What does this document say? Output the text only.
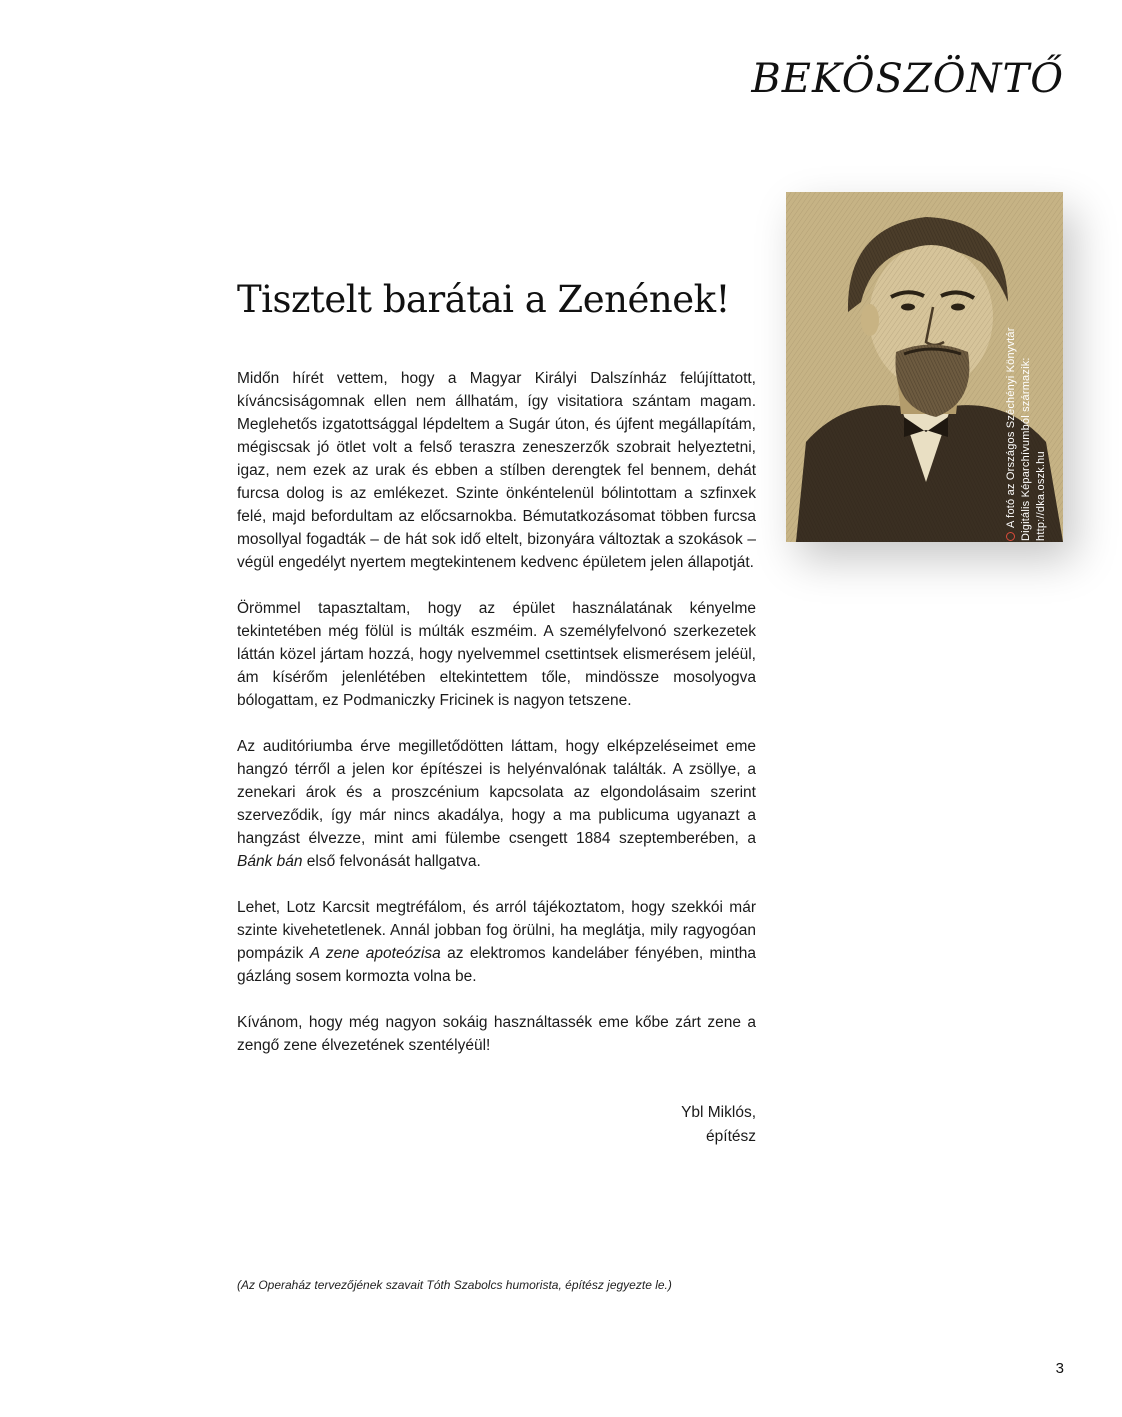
BEKÖSZÖNTŐ
A fotó az Országos Széchényi Könyvtár Digitális Képarchívumból származik: http://dka.oszk.hu
Tisztelt barátai a Zenének!

Midőn hírét vettem, hogy a Magyar Királyi Dalszínház felújíttatott, kíváncsiságomnak ellen nem állhatám, így visitatiora szántam magam. Meglehetős izgatottsággal lépdeltem a Sugár úton, és újfent megállapítám, mégiscsak jó ötlet volt a felső teraszra zeneszerzők szobrait helyeztetni, igaz, nem ezek az urak és ebben a stílben derengtek fel bennem, dehát furcsa dolog is az emlékezet. Szinte önkéntelenül bólintottam a szfinxek felé, majd befordultam az előcsarnokba. Bémutatkozásomat többen furcsa mosollyal fogadták – de hát sok idő eltelt, bizonyára változtak a szokások – végül engedélyt nyertem megtekintenem kedvenc épületem jelen állapotját.

Örömmel tapasztaltam, hogy az épület használatának kényelme tekintetében még fölül is múlták eszméim. A személyfelvonó szerkezetek láttán közel jártam hozzá, hogy nyelvemmel csettintsek elismerésem jeléül, ám kísérőm jelenlétében eltekintettem tőle, mindössze mosolyogva bólogattam, ez Podmaniczky Fricinek is nagyon tetszene.

Az auditóriumba érve megilletődötten láttam, hogy elképzeléseimet eme hangzó térről a jelen kor építészei is helyénvalónak találták. A zsöllye, a zenekari árok és a proszcénium kapcsolata az elgondolásaim szerint szerveződik, így már nincs akadálya, hogy a ma publicuma ugyanazt a hangzást élvezze, mint ami fülembe csengett 1884 szeptemberében, a Bánk bán első felvonását hallgatva.

Lehet, Lotz Karcsit megtréfálom, és arról tájékoztatom, hogy szekkói már szinte kivehetetlenek. Annál jobban fog örülni, ha meglátja, mily ragyogóan pompázik A zene apoteózisa az elektromos kandeláber fényében, mintha gázláng sosem kormozta volna be.

Kívánom, hogy még nagyon sokáig használtassék eme kőbe zárt zene a zengő zene élvezetének szentélyéül!

Ybl Miklós,
építész
(Az Operaház tervezőjének szavait Tóth Szabolcs humorista, építész jegyezte le.)
3
